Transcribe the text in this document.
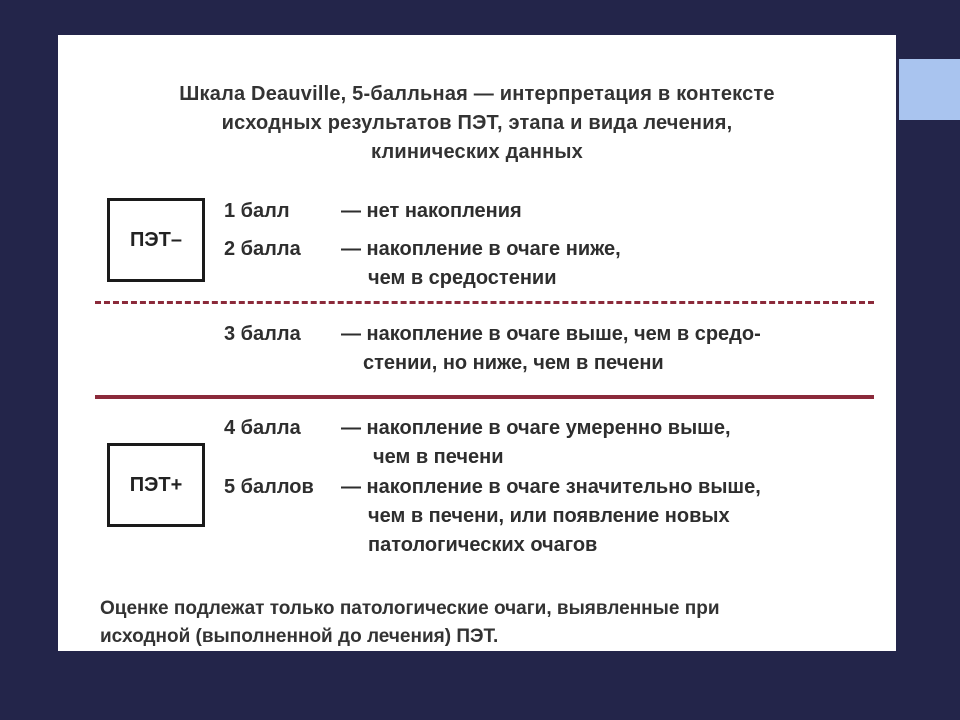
Шкала Deauville, 5-балльная — интерпретация в контексте
исходных результатов ПЭТ, этапа и вида лечения,
клинических данных
ПЭТ–
1 балл	— нет накопления
2 балла — накопление в очаге ниже,
чем в средостении
3 балла — накопление в очаге выше, чем в средо-
стении, но ниже, чем в печени
ПЭТ+
4 балла — накопление в очаге умеренно выше,
чем в печени
5 баллов — накопление в очаге значительно выше,
чем в печени, или появление новых
патологических очагов
Оценке подлежат только патологические очаги, выявленные при
исходной (выполненной до лечения) ПЭТ.
